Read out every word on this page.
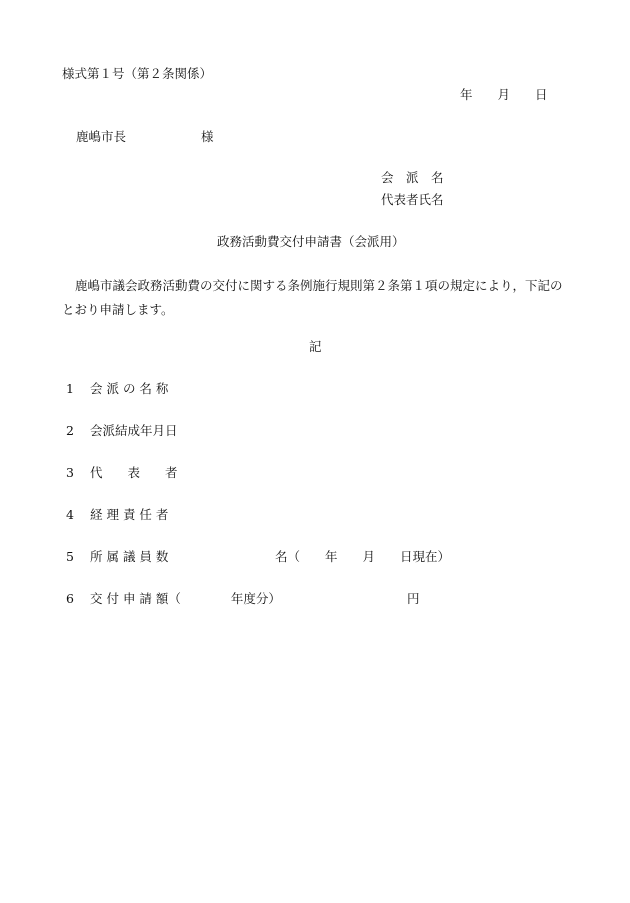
様式第１号（第２条関係）
年　　月　　日
鹿嶋市長　　　　　　様
会　派　名
代表者氏名
政務活動費交付申請書（会派用）
鹿嶋市議会政務活動費の交付に関する条例施行規則第２条第１項の規定により，下記のとおり申請します。
記
1 会 派 の 名 称
2 会派結成年月日
3 代　　表　　者
4 経 理 責 任 者
5 所 属 議 員 数	名（　　年　　月　　日現在）
6 交 付 申 請 額（　　　　年度分）	円
